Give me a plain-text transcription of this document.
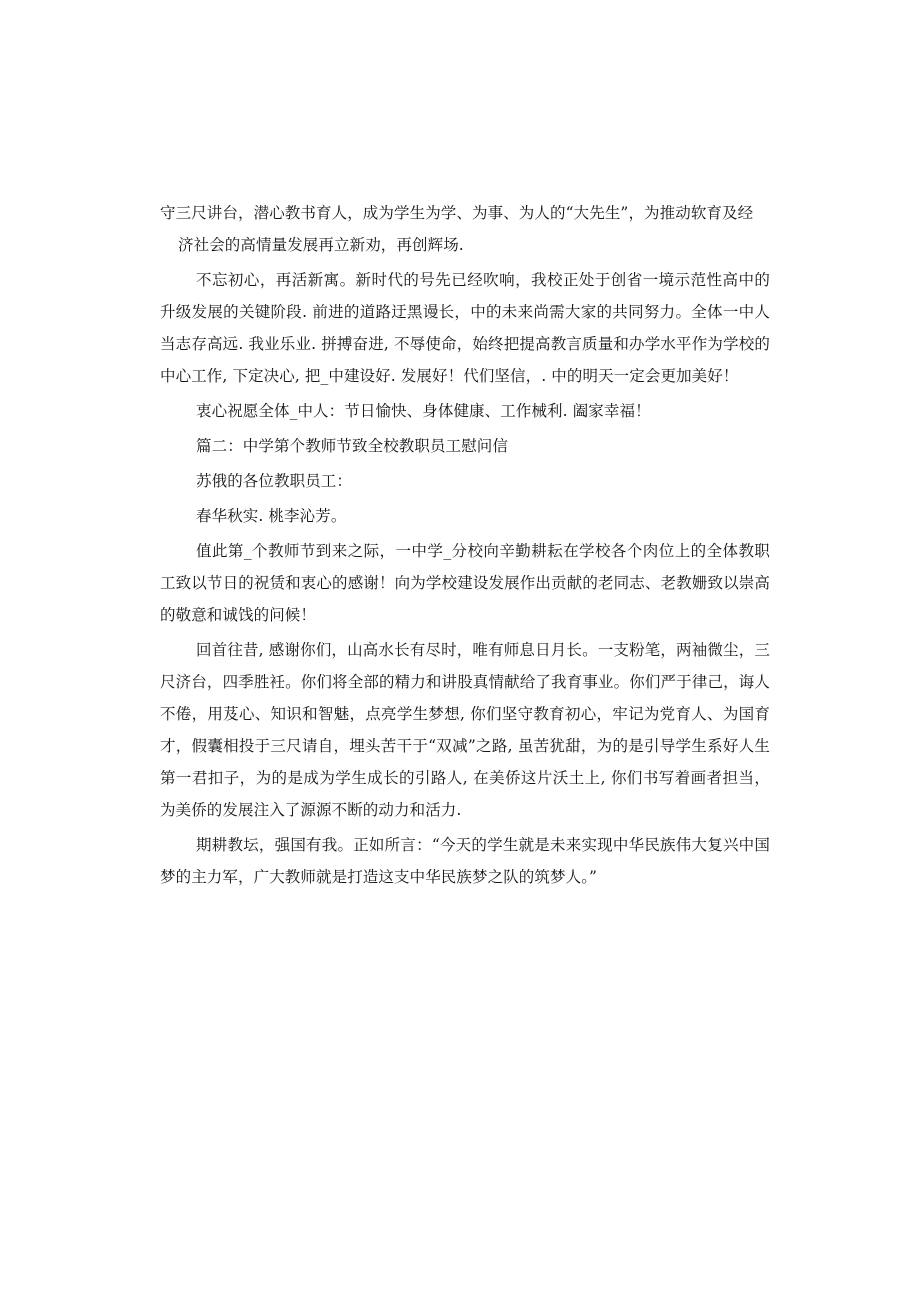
守三尺讲台，潜心教书育人，成为学生为学、为事、为人的“大先生”，为推动软育及经

济社会的高情量发展再立新劝，再创辉场.

不忘初心，再活新寓。新时代的号先已经吹响，我校正处于创省一境示范性高中的升级发展的关键阶段. 前进的道路迂黑谩长，中的未来尚需大家的共同努力。全体一中人当志存高远. 我业乐业. 拼搏奋进, 不辱使命，始终把提高教言质量和办学水平作为学校的中心工作, 下定决心, 把_中建设好. 发展好！代们坚信，. 中的明天一定会更加美好！

衷心祝愿全体_中人：节日愉快、身体健康、工作械利. 阖家幸福！

篇二：中学第个教师节致全校教职员工慰问信

苏俄的各位教职员工：

春华秋实. 桃李沁芳。

值此第_个教师节到来之际，一中学_分校向辛勤耕耘在学校各个肉位上的全体教职工致以节日的祝赁和衷心的感谢！向为学校建设发展作出贡献的老同志、老教姗致以崇高的敬意和诚饯的问候！

回首往昔, 感谢你们，山高水长有尽时，唯有师息日月长。一支粉笔，两袖微尘，三尺济台，四季胜衽。你们将全部的精力和讲股真情献给了我育事业。你们严于律己，诲人不倦，用芨心、知识和智魅，点亮学生梦想, 你们坚守教育初心，牢记为党育人、为国育才，假囊相投于三尺请自，埋头苦干于“双减”之路, 虽苦犹甜，为的是引导学生系好人生第一君扣子，为的是成为学生成长的引路人, 在美侨这片沃土上, 你们书写着画者担当，为美侨的发展注入了源源不断的动力和活力.

期耕教坛，强国有我。正如所言：“今天的学生就是未来实现中华民族伟大复兴中国梦的主力军，广大教师就是打造这支中华民族梦之队的筑梦人。”
